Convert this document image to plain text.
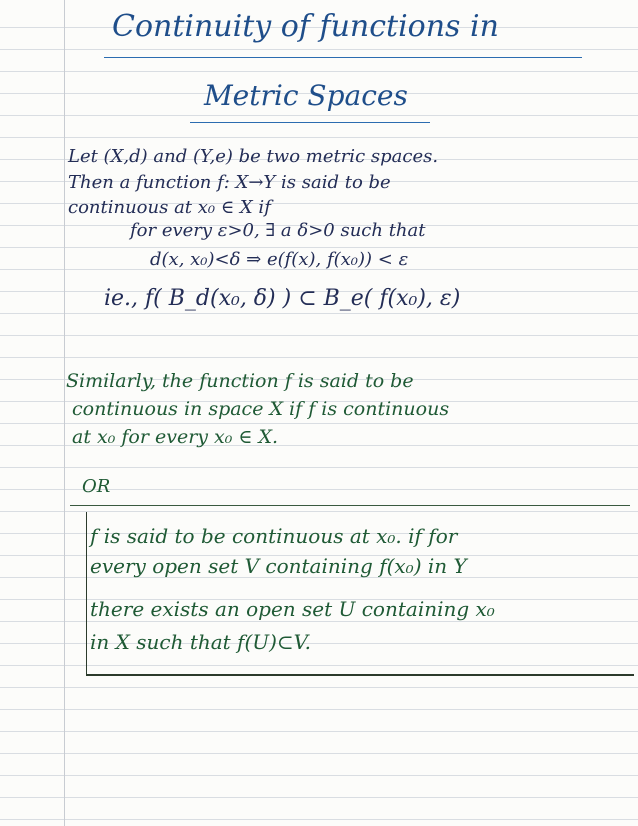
Continuity of functions in

Metric Spaces

Let (X,d) and (Y,e) be two metric spaces.

Then a function f: X→Y is said to be

continuous at x₀ ∈ X if

for every ε>0, ∃ a δ>0 such that

d(x, x₀)<δ ⇒ e(f(x), f(x₀)) < ε

ie., f( B_d(x₀, δ) ) ⊂ B_e( f(x₀), ε)

Similarly, the function f is said to be

continuous in space X if f is continuous

at x₀ for every x₀ ∈ X.

OR

f is said to be continuous at x₀. if for

every open set V containing f(x₀) in Y

there exists an open set U containing x₀

in X such that f(U)⊂V.
